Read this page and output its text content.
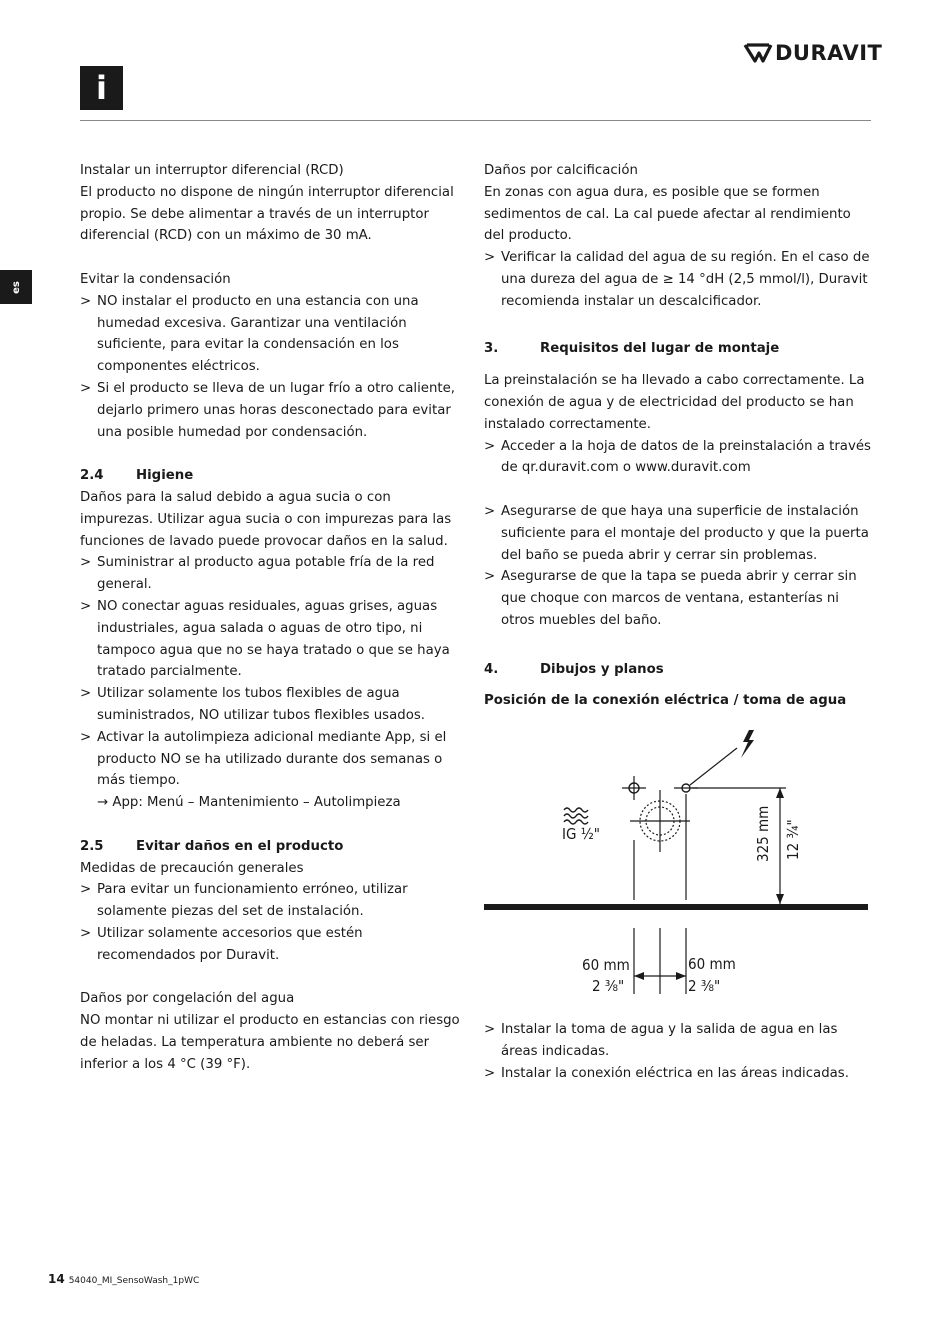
i
DURAVIT
es

Instalar un interruptor diferencial (RCD)

El producto no dispone de ningún interruptor diferencial propio. Se debe alimentar a través de un interruptor diferencial (RCD) con un máximo de 30 mA.

Evitar la condensación

> NO instalar el producto en una estancia con una humedad excesiva. Garantizar una ventilación suficiente, para evitar la condensación en los componentes eléctricos.
> Si el producto se lleva de un lugar frío a otro caliente, dejarlo primero unas horas desconectado para evitar una posible humedad por condensación.
2.4	Higiene

Daños para la salud debido a agua sucia o con impurezas. Utilizar agua sucia o con impurezas para las funciones de lavado puede provocar daños en la salud.

> Suministrar al producto agua potable fría de la red general.
> NO conectar aguas residuales, aguas grises, aguas industriales, agua salada o aguas de otro tipo, ni tampoco agua que no se haya tratado o que se haya tratado parcialmente.
> Utilizar solamente los tubos flexibles de agua suministrados, NO utilizar tubos flexibles usados.
> Activar la autolimpieza adicional mediante App, si el producto NO se ha utilizado durante dos semanas o más tiempo.

→ App: Menú – Mantenimiento – Autolimpieza

2.5	Evitar daños en el producto

Medidas de precaución generales

> Para evitar un funcionamiento erróneo, utilizar solamente piezas del set de instalación.
> Utilizar solamente accesorios que estén recomendados por Duravit.

Daños por congelación del agua

NO montar ni utilizar el producto en estancias con riesgo de heladas. La temperatura ambiente no deberá ser inferior a los 4 °C (39 °F).

Daños por calcificación

En zonas con agua dura, es posible que se formen sedimentos de cal. La cal puede afectar al rendimiento del producto.

> Verificar la calidad del agua de su región. En el caso de una dureza del agua de ≥ 14 °dH (2,5 mmol/l), Duravit recomienda instalar un descalcificador.
3.	Requisitos del lugar de montaje

La preinstalación se ha llevado a cabo correctamente. La conexión de agua y de electricidad del producto se han instalado correctamente.

> Acceder a la hoja de datos de la preinstalación a través de qr.duravit.com o www.duravit.com
> Asegurarse de que haya una superficie de instalación suficiente para el montaje del producto y que la puerta del baño se pueda abrir y cerrar sin problemas.
> Asegurarse de que la tapa se pueda abrir y cerrar sin que choque con marcos de ventana, estanterías ni otros muebles del baño.
4.	Dibujos y planos

Posición de la conexión eléctrica / toma de agua

IG ½"	325 mm 12 ¾"
60 mm
2 ⅜"
60 mm
2 ⅜"
> Instalar la toma de agua y la salida de agua en las áreas indicadas.
> Instalar la conexión eléctrica en las áreas indicadas.
14 54040_MI_SensoWash_1pWC
